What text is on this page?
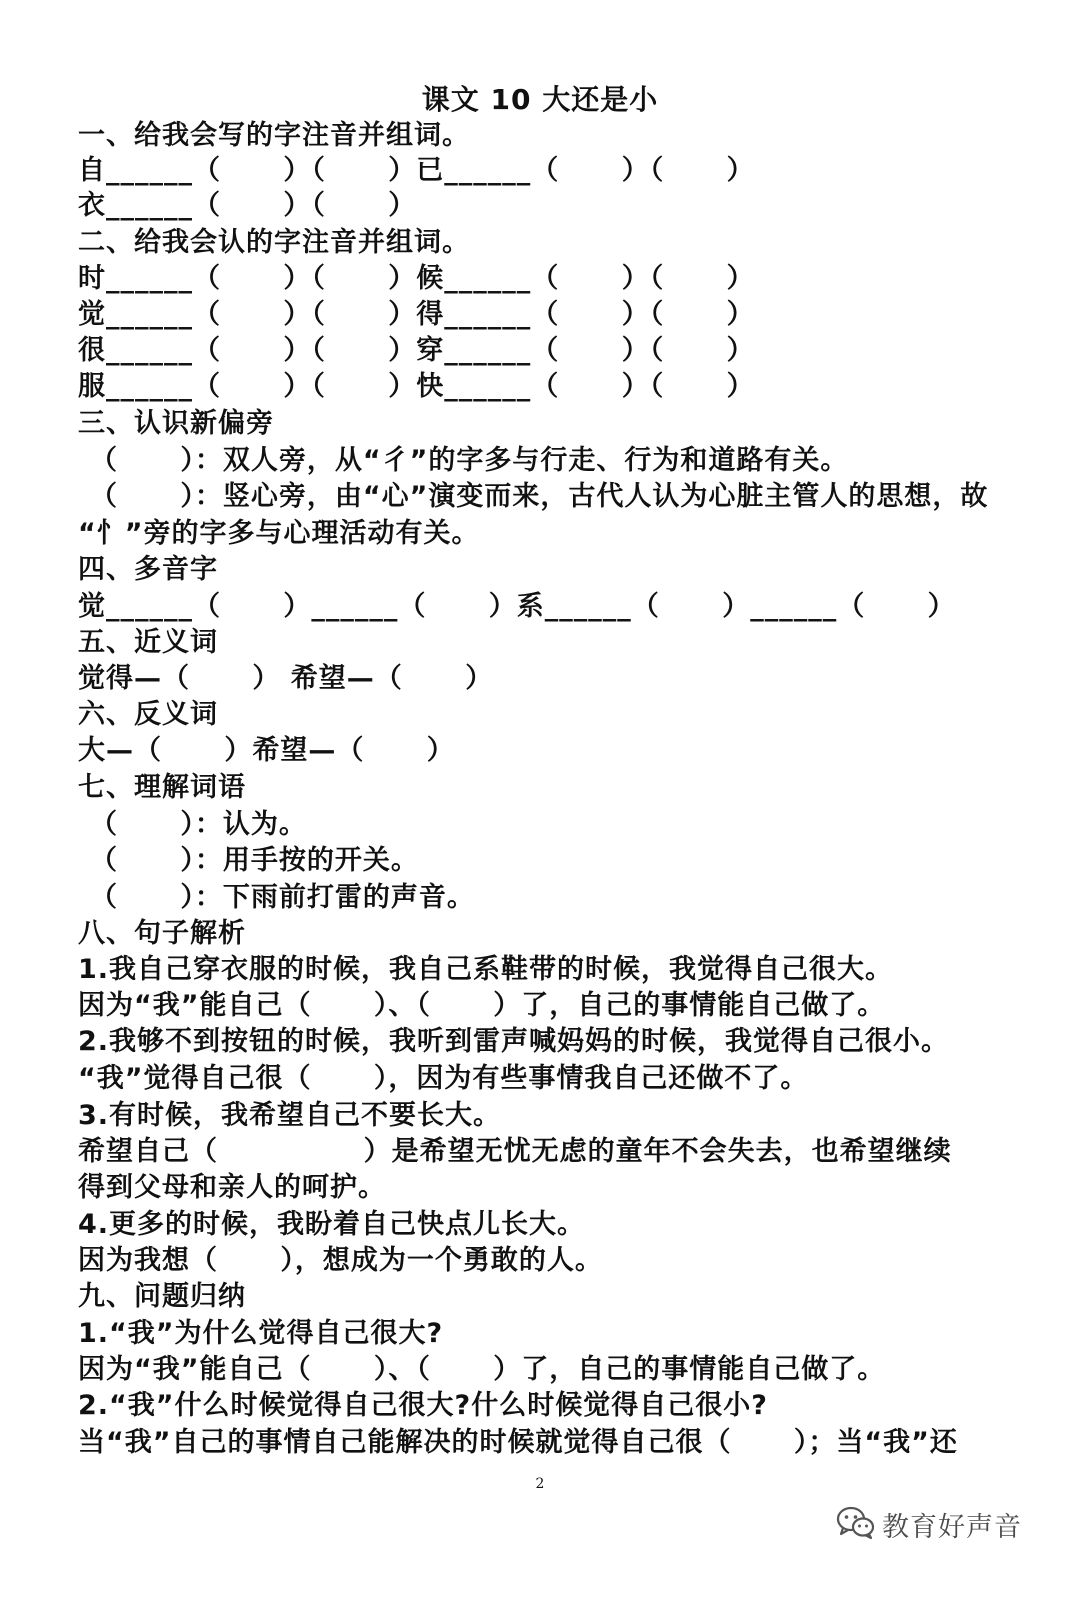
课文 10 大还是小
一、给我会写的字注音并组词。
自______（      ）（      ）已______（      ）（      ）
衣______（      ）（      ）
二、给我会认的字注音并组词。
时______（      ）（      ）候______（      ）（      ）
觉______（      ）（      ）得______（      ）（      ）
很______（      ）（      ）穿______（      ）（      ）
服______（      ）（      ）快______（      ）（      ）
三、认识新偏旁
（      ）：双人旁，从“彳”的字多与行走、行为和道路有关。
（      ）：竖心旁，由“心”演变而来，古代人认为心脏主管人的思想，故
“忄”旁的字多与心理活动有关。
四、多音字
觉______（      ）______（      ）系______（      ）______（      ）
五、近义词
觉得—（      ） 希望—（      ）
六、反义词
大—（      ）希望—（      ）
七、理解词语
（      ）：认为。
（      ）：用手按的开关。
（      ）：下雨前打雷的声音。
八、句子解析
1.我自己穿衣服的时候，我自己系鞋带的时候，我觉得自己很大。
因为“我”能自己（      ）、（      ）了，自己的事情能自己做了。
2.我够不到按钮的时候，我听到雷声喊妈妈的时候，我觉得自己很小。
“我”觉得自己很（      ），因为有些事情我自己还做不了。
3.有时候，我希望自己不要长大。
希望自己（              ）是希望无忧无虑的童年不会失去，也希望继续
得到父母和亲人的呵护。
4.更多的时候，我盼着自己快点儿长大。
因为我想（      ），想成为一个勇敢的人。
九、问题归纳
1.“我”为什么觉得自己很大?
因为“我”能自己（      ）、（      ）了，自己的事情能自己做了。
2.“我”什么时候觉得自己很大?什么时候觉得自己很小?
当“我”自己的事情自己能解决的时候就觉得自己很（      ）；当“我”还
2
教育好声音
